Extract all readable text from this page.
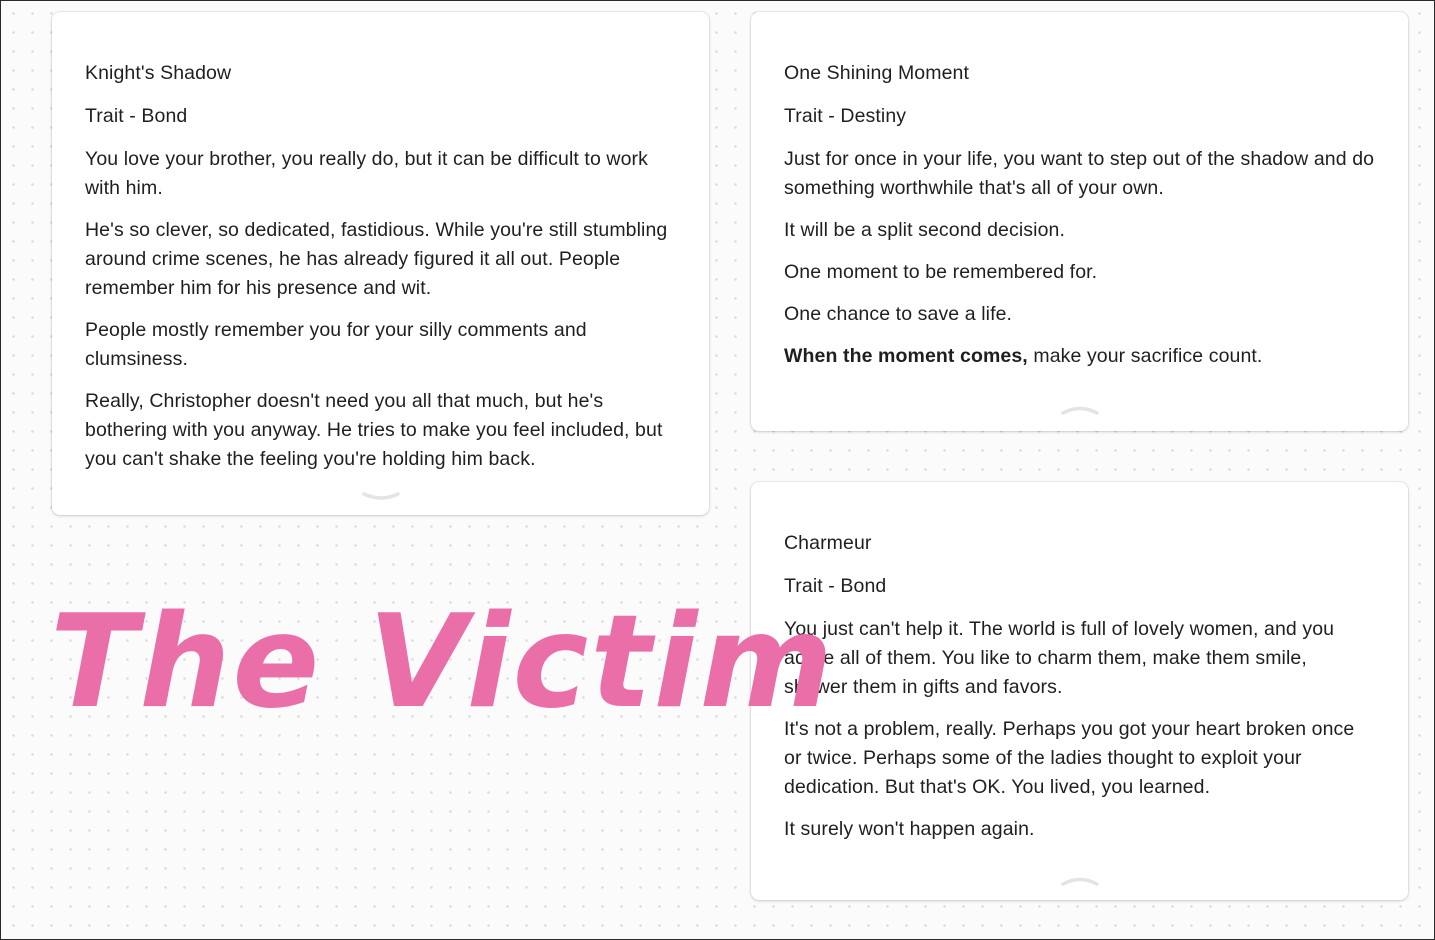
Knight's Shadow

Trait - Bond

You love your brother, you really do, but it can be difficult to work with him.

He's so clever, so dedicated, fastidious. While you're still stumbling around crime scenes, he has already figured it all out. People remember him for his presence and wit.

People mostly remember you for your silly comments and clumsiness.

Really, Christopher doesn't need you all that much, but he's bothering with you anyway. He tries to make you feel included, but you can't shake the feeling you're holding him back.

One Shining Moment

Trait - Destiny

Just for once in your life, you want to step out of the shadow and do something worthwhile that's all of your own.

It will be a split second decision.

One moment to be remembered for.

One chance to save a life.

When the moment comes, make your sacrifice count.

Charmeur

Trait - Bond

You just can't help it. The world is full of lovely women, and you adore all of them. You like to charm them, make them smile, shower them in gifts and favors.

It's not a problem, really. Perhaps you got your heart broken once or twice. Perhaps some of the ladies thought to exploit your dedication. But that's OK. You lived, you learned.

It surely won't happen again.

The Victim
